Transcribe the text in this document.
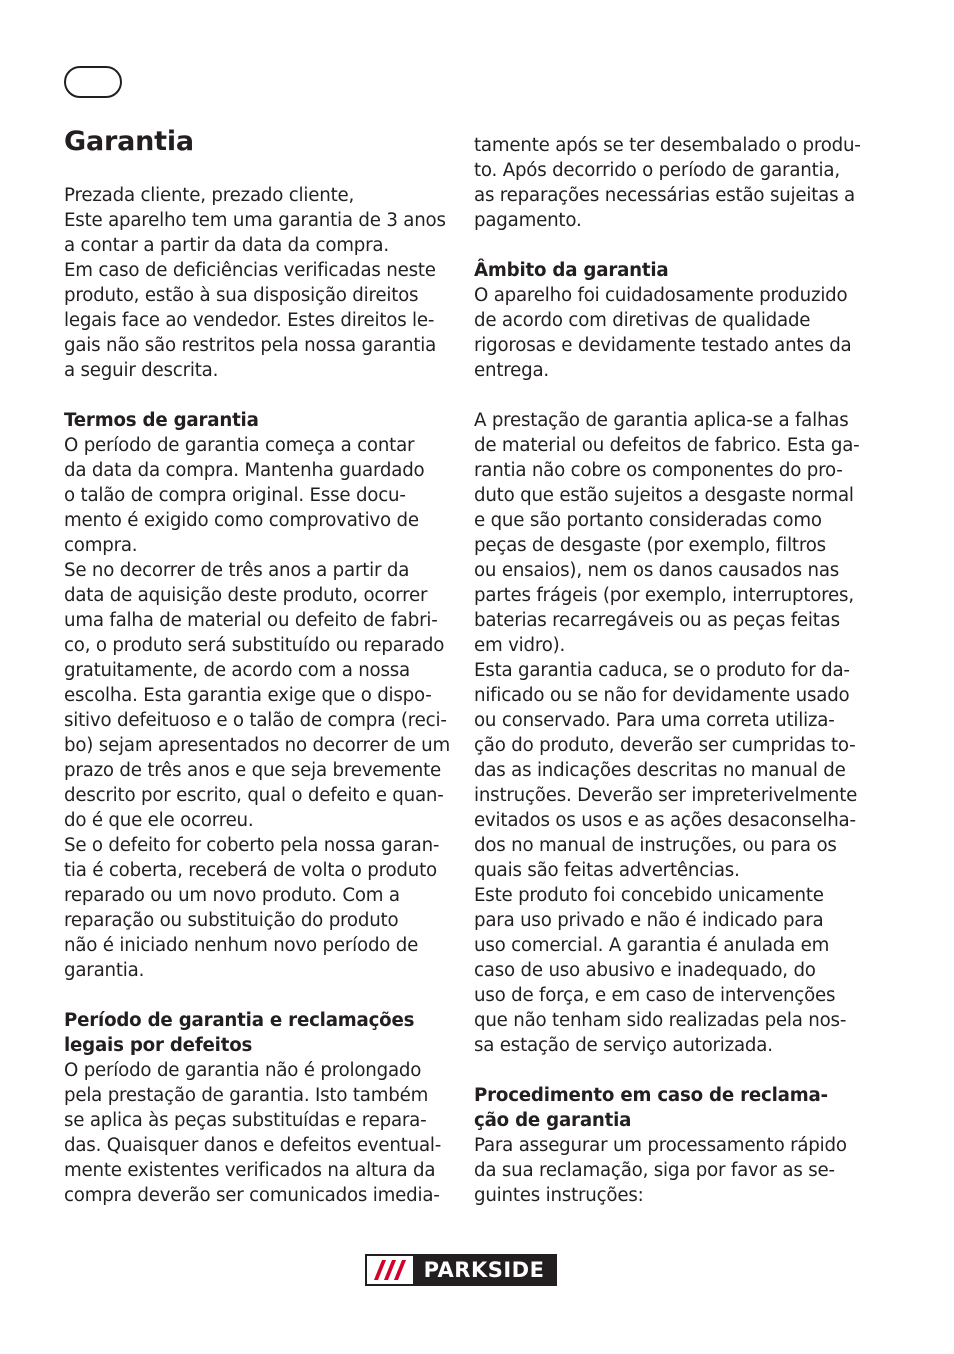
Garantia

Prezada cliente, prezado cliente,
Este aparelho tem uma garantia de 3 anos
a contar a partir da data da compra.
Em caso de deficiências verificadas neste
produto, estão à sua disposição direitos
legais face ao vendedor. Estes direitos le-
gais não são restritos pela nossa garantia
a seguir descrita.

Termos de garantia

O período de garantia começa a contar
da data da compra. Mantenha guardado
o talão de compra original. Esse docu-
mento é exigido como comprovativo de
compra.
Se no decorrer de três anos a partir da
data de aquisição deste produto, ocorrer
uma falha de material ou defeito de fabri-
co, o produto será substituído ou reparado
gratuitamente, de acordo com a nossa
escolha. Esta garantia exige que o dispo-
sitivo defeituoso e o talão de compra (reci-
bo) sejam apresentados no decorrer de um
prazo de três anos e que seja brevemente
descrito por escrito, qual o defeito e quan-
do é que ele ocorreu.
Se o defeito for coberto pela nossa garan-
tia é coberta, receberá de volta o produto
reparado ou um novo produto. Com a
reparação ou substituição do produto
não é iniciado nenhum novo período de
garantia.

Período de garantia e reclamações
legais por defeitos

O período de garantia não é prolongado
pela prestação de garantia. Isto também
se aplica às peças substituídas e repara-
das. Quaisquer danos e defeitos eventual-
mente existentes verificados na altura da
compra deverão ser comunicados imedia-

tamente após se ter desembalado o produ-
to. Após decorrido o período de garantia,
as reparações necessárias estão sujeitas a
pagamento.

Âmbito da garantia

O aparelho foi cuidadosamente produzido
de acordo com diretivas de qualidade
rigorosas e devidamente testado antes da
entrega.

A prestação de garantia aplica-se a falhas
de material ou defeitos de fabrico. Esta ga-
rantia não cobre os componentes do pro-
duto que estão sujeitos a desgaste normal
e que são portanto consideradas como
peças de desgaste (por exemplo, filtros
ou ensaios), nem os danos causados nas
partes frágeis (por exemplo, interruptores,
baterias recarregáveis ou as peças feitas
em vidro).
Esta garantia caduca, se o produto for da-
nificado ou se não for devidamente usado
ou conservado. Para uma correta utiliza-
ção do produto, deverão ser cumpridas to-
das as indicações descritas no manual de
instruções. Deverão ser impreterivelmente
evitados os usos e as ações desaconselha-
dos no manual de instruções, ou para os
quais são feitas advertências.
Este produto foi concebido unicamente
para uso privado e não é indicado para
uso comercial. A garantia é anulada em
caso de uso abusivo e inadequado, do
uso de força, e em caso de intervenções
que não tenham sido realizadas pela nos-
sa estação de serviço autorizada.

Procedimento em caso de reclama-
ção de garantia

Para assegurar um processamento rápido
da sua reclamação, siga por favor as se-
guintes instruções:

PARKSIDE
